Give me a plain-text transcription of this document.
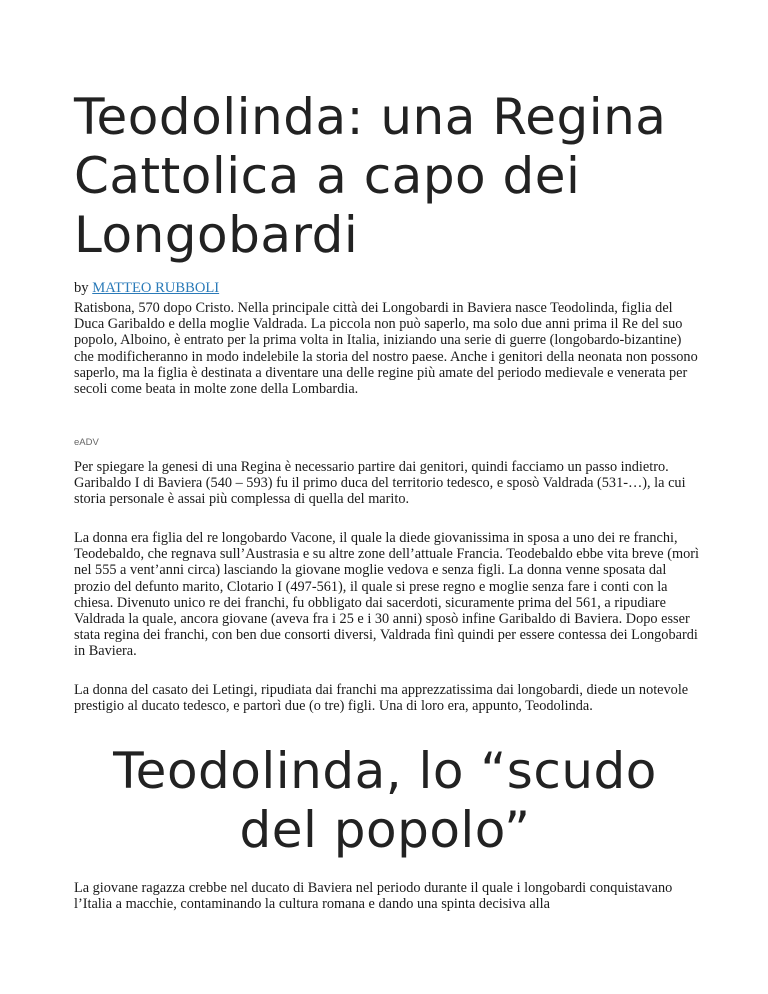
Teodolinda: una Regina Cattolica a capo dei Longobardi
by MATTEO RUBBOLI

Ratisbona, 570 dopo Cristo. Nella principale città dei Longobardi in Baviera nasce Teodolinda, figlia del Duca Garibaldo e della moglie Valdrada. La piccola non può saperlo, ma solo due anni prima il Re del suo popolo, Alboino, è entrato per la prima volta in Italia, iniziando una serie di guerre (longobardo-bizantine) che modificheranno in modo indelebile la storia del nostro paese. Anche i genitori della neonata non possono saperlo, ma la figlia è destinata a diventare una delle regine più amate del periodo medievale e venerata per secoli come beata in molte zone della Lombardia.

eADV

Per spiegare la genesi di una Regina è necessario partire dai genitori, quindi facciamo un passo indietro. Garibaldo I di Baviera (540 – 593) fu il primo duca del territorio tedesco, e sposò Valdrada (531-…), la cui storia personale è assai più complessa di quella del marito.

La donna era figlia del re longobardo Vacone, il quale la diede giovanissima in sposa a uno dei re franchi, Teodebaldo, che regnava sull’Austrasia e su altre zone dell’attuale Francia. Teodebaldo ebbe vita breve (morì nel 555 a vent’anni circa) lasciando la giovane moglie vedova e senza figli. La donna venne sposata dal prozio del defunto marito, Clotario I (497-561), il quale si prese regno e moglie senza fare i conti con la chiesa. Divenuto unico re dei franchi, fu obbligato dai sacerdoti, sicuramente prima del 561, a ripudiare Valdrada la quale, ancora giovane (aveva fra i 25 e i 30 anni) sposò infine Garibaldo di Baviera. Dopo esser stata regina dei franchi, con ben due consorti diversi, Valdrada finì quindi per essere contessa dei Longobardi in Baviera.

La donna del casato dei Letingi, ripudiata dai franchi ma apprezzatissima dai longobardi, diede un notevole prestigio al ducato tedesco, e partorì due (o tre) figli. Una di loro era, appunto, Teodolinda.

Teodolinda, lo “scudo del popolo”

La giovane ragazza crebbe nel ducato di Baviera nel periodo durante il quale i longobardi conquistavano l’Italia a macchie, contaminando la cultura romana e dando una spinta decisiva alla
